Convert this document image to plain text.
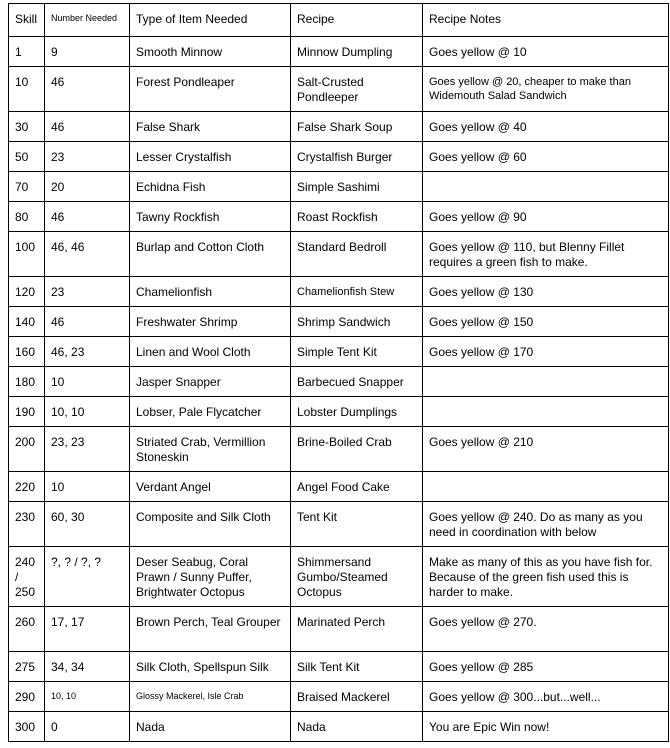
Skill	Number Needed	Type of Item Needed	Recipe	Recipe Notes
1	9	Smooth Minnow	Minnow Dumpling	Goes yellow @ 10
10	46	Forest Pondleaper	Salt-Crusted Pondleeper	Goes yellow @ 20, cheaper to make than Widemouth Salad Sandwich
30	46	False Shark	False Shark Soup	Goes yellow @ 40
50	23	Lesser Crystalfish	Crystalfish Burger	Goes yellow @ 60
70	20	Echidna Fish	Simple Sashimi	
80	46	Tawny Rockfish	Roast Rockfish	Goes yellow @ 90
100	46, 46	Burlap and Cotton Cloth	Standard Bedroll	Goes yellow @ 110, but Blenny Fillet requires a green fish to make.
120	23	Chamelionfish	Chamelionfish Stew	Goes yellow @ 130
140	46	Freshwater Shrimp	Shrimp Sandwich	Goes yellow @ 150
160	46, 23	Linen and Wool Cloth	Simple Tent Kit	Goes yellow @ 170
180	10	Jasper Snapper	Barbecued Snapper	
190	10, 10	Lobser, Pale Flycatcher	Lobster Dumplings	
200	23, 23	Striated Crab, Vermillion Stoneskin	Brine-Boiled Crab	Goes yellow @ 210
220	10	Verdant Angel	Angel Food Cake	
230	60, 30	Composite and Silk Cloth	Tent Kit	Goes yellow @ 240. Do as many as you need in coordination with below
240/ 250	?, ? / ?, ?	Deser Seabug, Coral Prawn / Sunny Puffer, Brightwater Octopus	Shimmersand Gumbo/Steamed Octopus	Make as many of this as you have fish for. Because of the green fish used this is harder to make.
260	17, 17	Brown Perch, Teal Grouper	Marinated Perch	Goes yellow @ 270.
275	34, 34	Silk Cloth, Spellspun Silk	Silk Tent Kit	Goes yellow @ 285
290	10, 10	Glossy Mackerel, Isle Crab	Braised Mackerel	Goes yellow @ 300...but...well...
300	0	Nada	Nada	You are Epic Win now!
